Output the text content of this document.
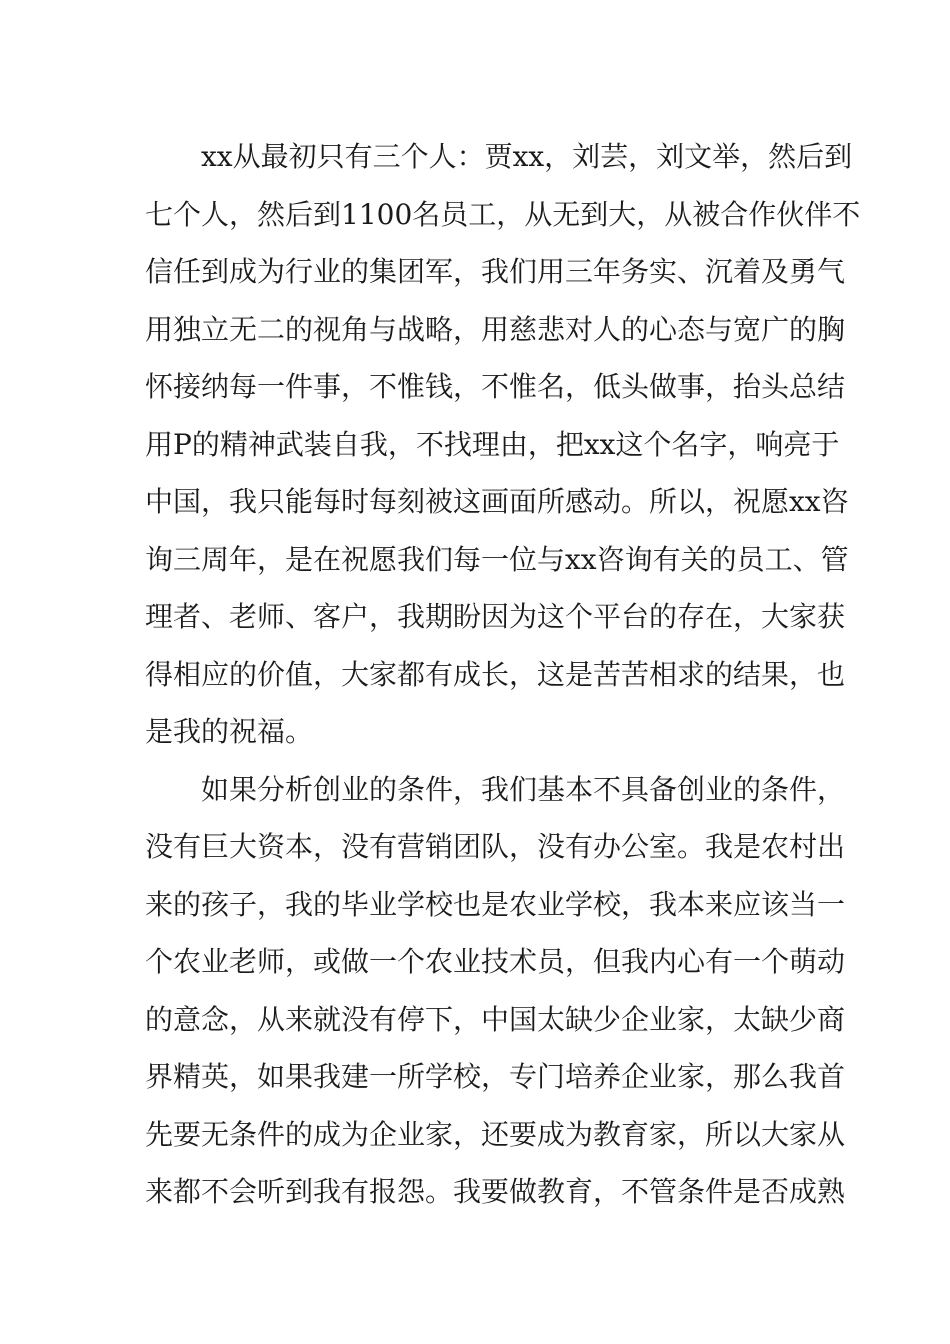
xx从最初只有三个人：贾xx，刘芸，刘文举，然后到
七个人，然后到1100名员工，从无到大，从被合作伙伴不
信任到成为行业的集团军，我们用三年务实、沉着及勇气
用独立无二的视角与战略，用慈悲对人的心态与宽广的胸
怀接纳每一件事，不惟钱，不惟名，低头做事，抬头总结
用P的精神武装自我，不找理由，把xx这个名字，响亮于
中国，我只能每时每刻被这画面所感动。所以，祝愿xx咨
询三周年，是在祝愿我们每一位与xx咨询有关的员工、管
理者、老师、客户，我期盼因为这个平台的存在，大家获
得相应的价值，大家都有成长，这是苦苦相求的结果，也
是我的祝福。
如果分析创业的条件，我们基本不具备创业的条件，
没有巨大资本，没有营销团队，没有办公室。我是农村出
来的孩子，我的毕业学校也是农业学校，我本来应该当一
个农业老师，或做一个农业技术员，但我内心有一个萌动
的意念，从来就没有停下，中国太缺少企业家，太缺少商
界精英，如果我建一所学校，专门培养企业家，那么我首
先要无条件的成为企业家，还要成为教育家，所以大家从
来都不会听到我有报怨。我要做教育，不管条件是否成熟
